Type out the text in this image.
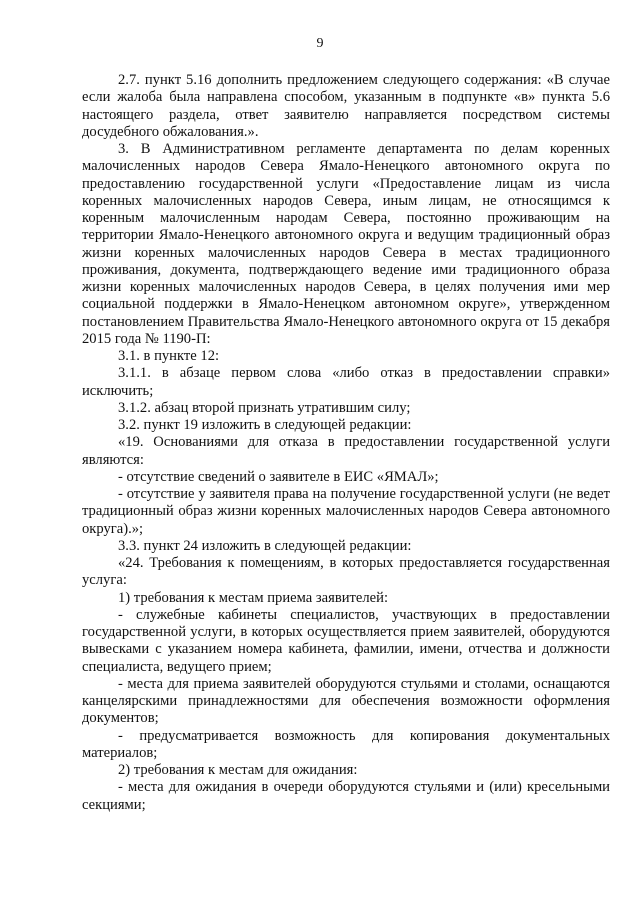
9

2.7. пункт 5.16 дополнить предложением следующего содержания: «В случае если жалоба была направлена способом, указанным в подпункте «в» пункта 5.6 настоящего раздела, ответ заявителю направляется посредством системы досудебного обжалования.».

3. В Административном регламенте департамента по делам коренных малочисленных народов Севера Ямало-Ненецкого автономного округа по предоставлению государственной услуги «Предоставление лицам из числа коренных малочисленных народов Севера, иным лицам, не относящимся к коренным малочисленным народам Севера, постоянно проживающим на территории Ямало-Ненецкого автономного округа и ведущим традиционный образ жизни коренных малочисленных народов Севера в местах традиционного проживания, документа, подтверждающего ведение ими традиционного образа жизни коренных малочисленных народов Севера, в целях получения ими мер социальной поддержки в Ямало-Ненецком автономном округе», утвержденном постановлением Правительства Ямало-Ненецкого автономного округа от 15 декабря 2015 года № 1190-П:

3.1. в пункте 12:

3.1.1. в абзаце первом слова «либо отказ в предоставлении справки» исключить;

3.1.2. абзац второй признать утратившим силу;

3.2. пункт 19 изложить в следующей редакции:

«19. Основаниями для отказа в предоставлении государственной услуги являются:

- отсутствие сведений о заявителе в ЕИС «ЯМАЛ»;

- отсутствие у заявителя права на получение государственной услуги (не ведет традиционный образ жизни коренных малочисленных народов Севера автономного округа).»;

3.3. пункт 24 изложить в следующей редакции:

«24. Требования к помещениям, в которых предоставляется государственная услуга:

1) требования к местам приема заявителей:

- служебные кабинеты специалистов, участвующих в предоставлении государственной услуги, в которых осуществляется прием заявителей, оборудуются вывесками с указанием номера кабинета, фамилии, имени, отчества и должности специалиста, ведущего прием;

- места для приема заявителей оборудуются стульями и столами, оснащаются канцелярскими принадлежностями для обеспечения возможности оформления документов;

- предусматривается возможность для копирования документальных материалов;

2) требования к местам для ожидания:

- места для ожидания в очереди оборудуются стульями и (или) кресельными секциями;
